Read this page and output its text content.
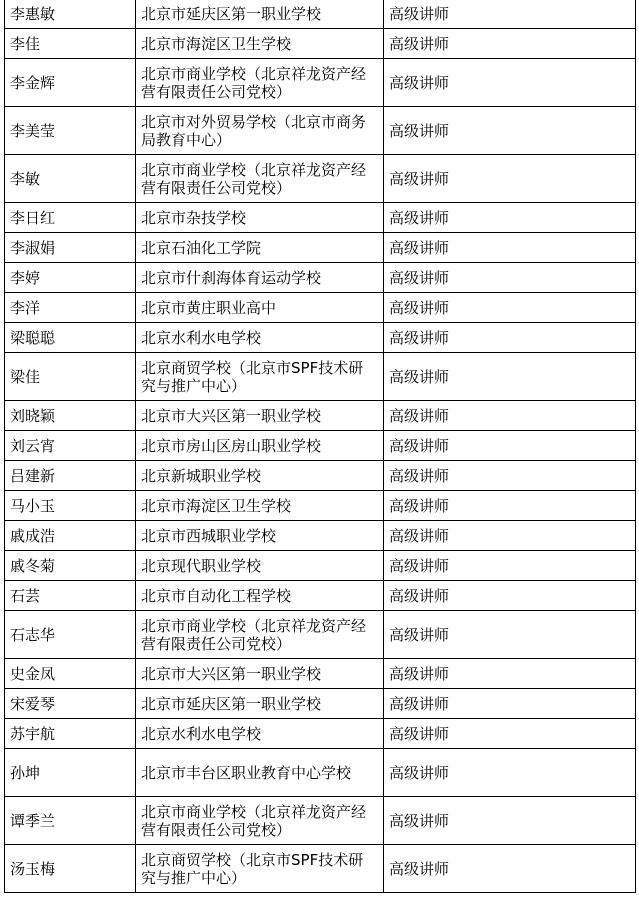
李惠敏	北京市延庆区第一职业学校	高级讲师
李佳	北京市海淀区卫生学校	高级讲师
李金辉	北京市商业学校（北京祥龙资产经营有限责任公司党校）	高级讲师
李美莹	北京市对外贸易学校（北京市商务局教育中心）	高级讲师
李敏	北京市商业学校（北京祥龙资产经营有限责任公司党校）	高级讲师
李日红	北京市杂技学校	高级讲师
李淑娟	北京石油化工学院	高级讲师
李婷	北京市什刹海体育运动学校	高级讲师
李洋	北京市黄庄职业高中	高级讲师
梁聪聪	北京水利水电学校	高级讲师
梁佳	北京商贸学校（北京市SPF技术研究与推广中心）	高级讲师
刘晓颖	北京市大兴区第一职业学校	高级讲师
刘云宵	北京市房山区房山职业学校	高级讲师
吕建新	北京新城职业学校	高级讲师
马小玉	北京市海淀区卫生学校	高级讲师
戚成浩	北京市西城职业学校	高级讲师
戚冬菊	北京现代职业学校	高级讲师
石芸	北京市自动化工程学校	高级讲师
石志华	北京市商业学校（北京祥龙资产经营有限责任公司党校）	高级讲师
史金凤	北京市大兴区第一职业学校	高级讲师
宋爱琴	北京市延庆区第一职业学校	高级讲师
苏宇航	北京水利水电学校	高级讲师
孙坤	北京市丰台区职业教育中心学校	高级讲师
谭季兰	北京市商业学校（北京祥龙资产经营有限责任公司党校）	高级讲师
汤玉梅	北京商贸学校（北京市SPF技术研究与推广中心）	高级讲师
